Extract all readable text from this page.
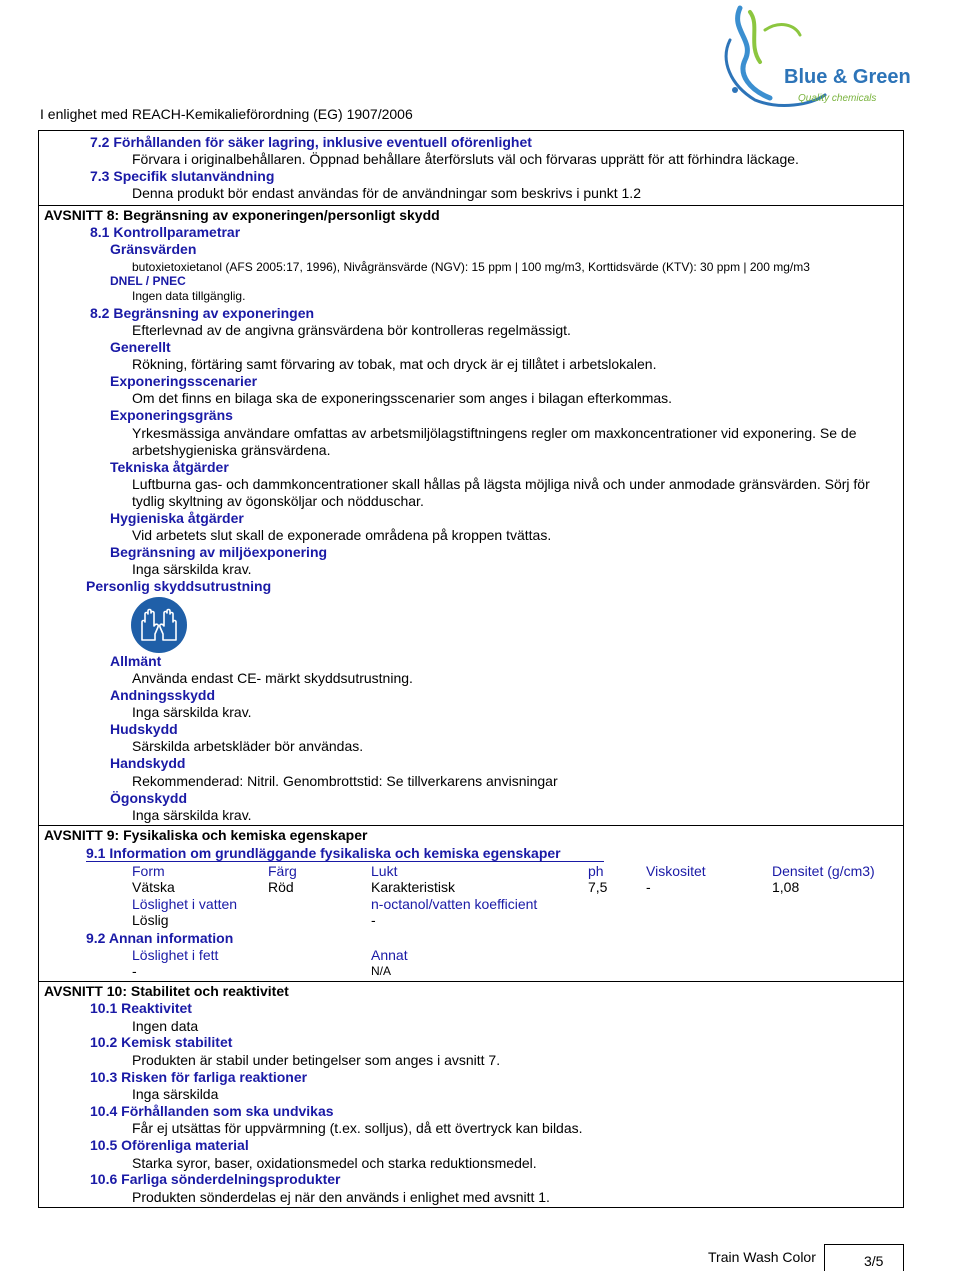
I enlighet med REACH-Kemikalieförordning (EG) 1907/2006
Blue & Green
Quality chemicals
7.2 Förhållanden för säker lagring, inklusive eventuell oförenlighet
Förvara i originalbehållaren. Öppnad behållare återförsluts väl och förvaras upprätt för att förhindra läckage.
7.3 Specifik slutanvändning
Denna produkt bör endast användas för de användningar som beskrivs i punkt 1.2
AVSNITT 8: Begränsning av exponeringen/personligt skydd
8.1 Kontrollparametrar
Gränsvärden
butoxietoxietanol (AFS 2005:17, 1996), Nivågränsvärde (NGV): 15 ppm | 100 mg/m3, Korttidsvärde (KTV): 30 ppm | 200 mg/m3
DNEL / PNEC
Ingen data tillgänglig.
8.2 Begränsning av exponeringen
Efterlevnad av de angivna gränsvärdena bör kontrolleras regelmässigt.
Generellt
Rökning, förtäring samt förvaring av tobak, mat och dryck är ej tillåtet i arbetslokalen.
Exponeringsscenarier
Om det finns en bilaga ska de exponeringsscenarier som anges i bilagan efterkommas.
Exponeringsgräns
Yrkesmässiga användare omfattas av arbetsmiljölagstiftningens regler om maxkoncentrationer vid exponering. Se de arbetshygieniska gränsvärdena.
Tekniska åtgärder
Luftburna gas- och dammkoncentrationer skall hållas på lägsta möjliga nivå och under anmodade gränsvärden. Sörj för tydlig skyltning av ögonsköljar och nödduschar.
Hygieniska åtgärder
Vid arbetets slut skall de exponerade områdena på kroppen tvättas.
Begränsning av miljöexponering
Inga särskilda krav.
Personlig skyddsutrustning
Allmänt
Använda endast CE- märkt skyddsutrustning.
Andningsskydd
Inga särskilda krav.
Hudskydd
Särskilda arbetskläder bör användas.
Handskydd
Rekommenderad: Nitril. Genombrottstid: Se tillverkarens anvisningar
Ögonskydd
Inga särskilda krav.
AVSNITT 9: Fysikaliska och kemiska egenskaper
9.1 Information om grundläggande fysikaliska och kemiska egenskaper
Form	Färg	Lukt	ph	Viskositet	Densitet (g/cm3)
Vätska	Röd	Karakteristisk	7,5	-	1,08
Löslighet i vatten	n-octanol/vatten koefficient
Löslig	-
9.2 Annan information
Löslighet i fett	Annat
-	N/A
AVSNITT 10: Stabilitet och reaktivitet
10.1 Reaktivitet
Ingen data
10.2 Kemisk stabilitet
Produkten är stabil under betingelser som anges i avsnitt 7.
10.3 Risken för farliga reaktioner
Inga särskilda
10.4 Förhållanden som ska undvikas
Får ej utsättas för uppvärmning (t.ex. solljus), då ett övertryck kan bildas.
10.5 Oförenliga material
Starka syror, baser, oxidationsmedel och starka reduktionsmedel.
10.6 Farliga sönderdelningsprodukter
Produkten sönderdelas ej när den används i enlighet med avsnitt 1.
Train Wash Color	3/5
